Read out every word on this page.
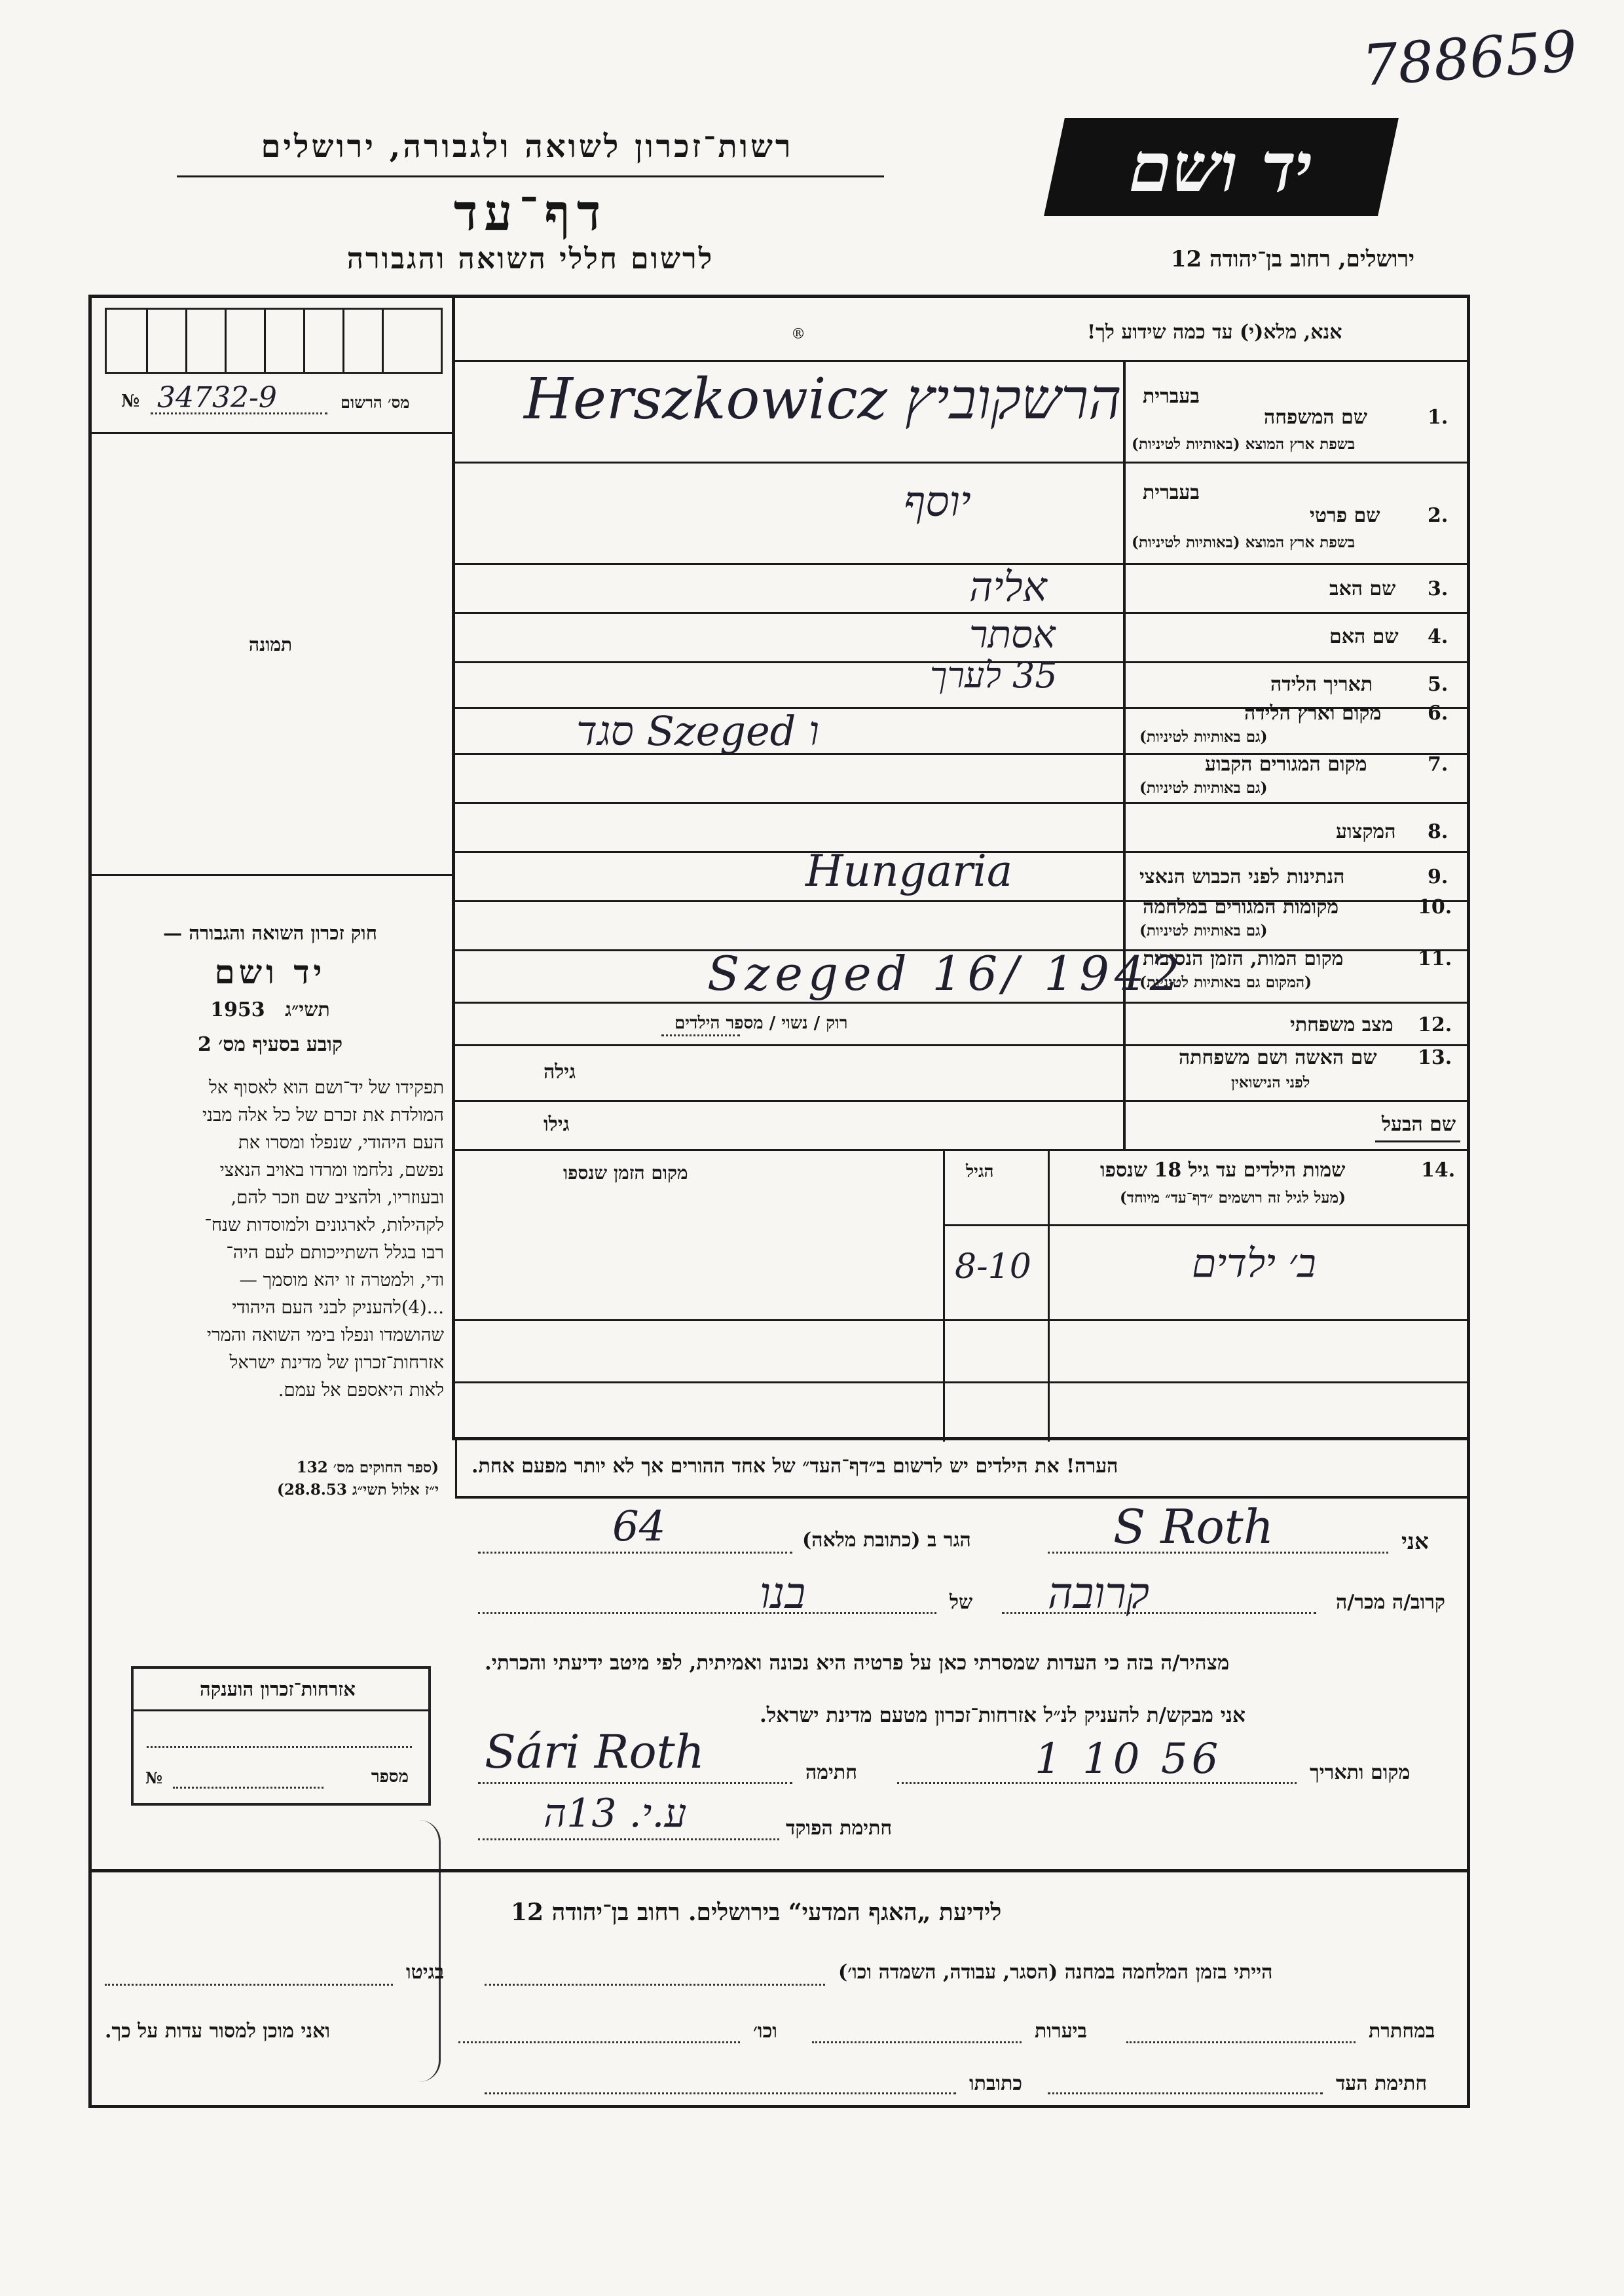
788659
יד ושם
רשות־זכרון לשואה ולגבורה, ירושלים
דף־עד
לרשום חללי השואה והגבורה	ירושלים, רחוב בן־יהודה 12
מס׳ הרשום
34732-9
№
תמונה
חוק זכרון השואה והגבורה —
יד ושם
1953 תשי״ג
קובע בסעיף מס׳ 2
תפקידו של יד־ושם הוא לאסוף אל
המולדת את זכרם של כל אלה מבני
העם היהודי, שנפלו ומסרו את
נפשם, נלחמו ומרדו באויב הנאצי
ובעוזריו, ולהציב שם וזכר להם,
לקהילות, לארגונים ולמוסדות שנח־
רבו בגלל השתייכותם לעם היה־
ודי, ולמטרה זו יהא מוסמך —
...(4)להעניק לבני העם היהודי
שהושמדו ונפלו בימי השואה והמרי
אזרחות־זכרון של מדינת ישראל
לאות היאספם אל עמם.
(ספר החוקים מס׳ 132
י״ז אלול תשי״ג 28.8.53)
אזרחות־זכרון הוענקה
№	מספר
אנא, מלא(י) עד כמה שידוע לך!
®
בעברית
1.
שם המשפחה
בשפת ארץ המוצא (באותיות לטיניות)
בעברית
2.
שם פרטי
בשפת ארץ המוצא (באותיות לטיניות)
3.
שם האב
4.
שם האם
5.
תאריך הלידה
6.
מקום וארץ הלידה
(גם באותיות לטיניות)
7.
מקום המגורים הקבוע
(גם באותיות לטיניות)
8.
המקצוע
9.
הנתינות לפני הכבוש הנאצי
10.
מקומות המגורים במלחמה
(גם באותיות לטיניות)
11.
מקום המות, הזמן הנסיבות
(המקום גם באותיות לטיניות)
12.
מצב משפחתי
13.
שם האשה ושם משפחתה
לפני הנישואין
Herszkowicz הרשקוביץ
יוסף
אליה
אסתר
35 לערך
סגד Szeged ו
Hungaria
Szeged 16/ 1942
רוק / נשוי / מספר הילדים
גילה
שם הבעל
גילו
14.
שמות הילדים עד גיל 18 שנספו
(מעל לגיל זה רושמים ״דף־עד״ מיוחד)
הגיל
מקום הזמן שנספו
ב׳ ילדים
8-10
הערה! את הילדים יש לרשום ב״דף־העד״ של אחד ההורים אך לא יותר מפעם אחת.
אני
S Roth
הגר ב (כתובת מלאה)
64
קרוב/ה מכר/ה
קרובה
של
בנו
מצהיר/ה בזה כי העדות שמסרתי כאן על פרטיה היא נכונה ואמיתית, לפי מיטב ידיעתי והכרתי.
אני מבקש/ת להעניק לנ״ל אזרחות־זכרון מטעם מדינת ישראל.
מקום ותאריך
1 10 56
חתימה
Sári Roth
חתימת הפוקד
ע.י. 13ה
לידיעת „האגף המדעי“ בירושלים. רחוב בן־יהודה 12
הייתי בזמן המלחמה במחנה (הסגר, עבודה, השמדה וכו׳)
בגיטו
במחתרת
ביערות
וכו׳
ואני מוכן למסור עדות על כך.
חתימת העד
כתובתו
